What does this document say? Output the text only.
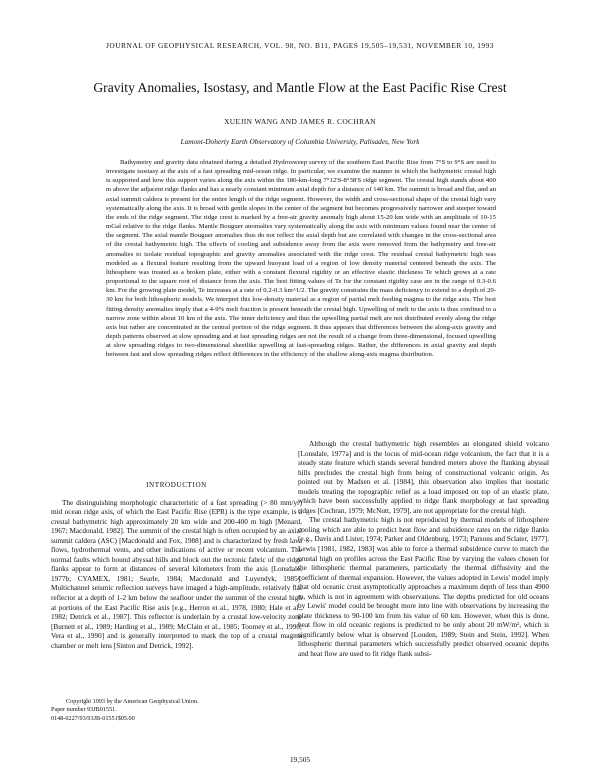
JOURNAL OF GEOPHYSICAL RESEARCH, VOL. 98, NO. B11, PAGES 19,505–19,531, NOVEMBER 10, 1993
Gravity Anomalies, Isostasy, and Mantle Flow at the East Pacific Rise Crest
XUEJIN WANG AND JAMES R. COCHRAN
Lamont-Doherty Earth Observatory of Columbia University, Palisades, New York

Bathymetry and gravity data obtained during a detailed Hydrosweep survey of the southern East Pacific Rise from 7°S to 9°S are used to investigate isostasy at the axis of a fast spreading mid-ocean ridge. In particular, we examine the manner in which the bathymetric crestal high is supported and how this support varies along the axis within the 180-km-long 7°12'S-8°38'S ridge segment. The crestal high stands about 400 m above the adjacent ridge flanks and has a nearly constant minimum axial depth for a distance of 140 km. The summit is broad and flat, and an axial summit caldera is present for the entire length of the ridge segment. However, the width and cross-sectional shape of the crestal high vary systematically along the axis. It is broad with gentle slopes in the center of the segment but becomes progressively narrower and steeper toward the ends of the ridge segment. The ridge crest is marked by a free-air gravity anomaly high about 15-20 km wide with an amplitude of 10-15 mGal relative to the ridge flanks. Mantle Bouguer anomalies vary systematically along the axis with minimum values found near the center of the segment. The axial mantle Bouguer anomalies thus do not reflect the axial depth but are correlated with changes in the cross-sectional area of the crestal bathymetric high. The effects of cooling and subsidence away from the axis were removed from the bathymetry and free-air anomalies to isolate residual topographic and gravity anomalies associated with the ridge crest. The residual crestal bathymetric high was modeled as a flexural feature resulting from the upward buoyant load of a region of low density material centered beneath the axis. The lithosphere was treated as a broken plate, either with a constant flexural rigidity or an effective elastic thickness Te which grows at a rate proportional to the square root of distance from the axis. The best fitting values of Te for the constant rigidity case are in the range of 0.3-0.6 km. For the growing plate model, Te increases at a rate of 0.2-0.3 km^1/2. The gravity constrains the mass deficiency to extend to a depth of 20-30 km for both lithospheric models. We interpret this low-density material as a region of partial melt feeding magma to the ridge axis. The best fitting density anomalies imply that a 4-9% melt fraction is present beneath the crestal high. Upwelling of melt to the axis is thus confined to a narrow zone within about 10 km of the axis. The inner deficiency and thus the upwelling partial melt are not distributed evenly along the ridge axis but rather are concentrated in the central portion of the ridge segment. It thus appears that differences between the along-axis gravity and depth patterns observed at slow spreading and at fast spreading ridges are not the result of a change from three-dimensional, focused upwelling at slow spreading ridges to two-dimensional sheetlike upwelling at fast-spreading ridges. Rather, the differences in axial gravity and depth between fast and slow spreading ridges reflect differences in the efficiency of the shallow along-axis magma distribution.

INTRODUCTION

The distinguishing morphologic characteristic of a fast spreading (> 80 mm/yr) mid ocean ridge axis, of which the East Pacific Rise (EPR) is the type example, is a crestal bathymetric high approximately 20 km wide and 200-400 m high [Menard, 1967; Macdonald, 1982]. The summit of the crestal high is often occupied by an axial summit caldera (ASC) [Macdonald and Fox, 1988] and is characterized by fresh lava flows, hydrothermal vents, and other indications of active or recent volcanism. The normal faults which bound abyssal hills and block out the tectonic fabric of the ridge flanks appear to form at distances of several kilometers from the axis [Lonsdale, 1977b; CYAMEX, 1981; Searle, 1984; Macdonald and Luyendyk, 1985]. Multichannel seismic reflection surveys have imaged a high-amplitude, relatively flat reflector at a depth of 1-2 km below the seafloor under the summit of the crestal high at portions of the East Pacific Rise axis [e.g., Herron et al., 1978, 1980; Hale et al., 1982; Detrick et al., 1987]. This reflector is underlain by a crustal low-velocity zone [Burnett et al., 1989; Harding et al., 1989; McClain et al., 1985; Toomey et al., 1990; Vera et al., 1990] and is generally interpreted to mark the top of a crustal magma chamber or melt lens [Sinton and Detrick, 1992].

Although the crestal bathymetric high resembles an elongated shield volcano [Lonsdale, 1977a] and is the locus of mid-ocean ridge volcanism, the fact that it is a steady state feature which stands several hundred meters above the flanking abyssal hills precludes the crestal high from being of constructional volcanic origin. As pointed out by Madsen et al. [1984], this observation also implies that isostatic models treating the topographic relief as a load imposed on top of an elastic plate, which have been successfully applied to ridge flank morphology at fast spreading ridges [Cochran, 1979; McNutt, 1979], are not appropriate for the crestal high.

The crestal bathymetric high is not reproduced by thermal models of lithosphere cooling which are able to predict heat flow and subsidence rates on the ridge flanks [e.g., Davis and Lister, 1974; Parker and Oldenburg, 1973; Parsons and Sclater, 1977]. Lewis [1981, 1982, 1983] was able to force a thermal subsidence curve to match the crustal high on profiles across the East Pacific Rise by varying the values chosen for the lithospheric thermal parameters, particularly the thermal diffusivity and the coefficient of thermal expansion. However, the values adopted in Lewis' model imply that old oceanic crust asymptotically approaches a maximum depth of less than 4900 m, which is not in agreement with observations. The depths predicted for old oceans by Lewis' model could be brought more into line with observations by increasing the plate thickness to 90-100 km from his value of 60 km. However, when this is done, heat flow in old oceanic regions is predicted to be only about 20 mW/m², which is significantly below what is observed [Louden, 1989; Stein and Stein, 1992]. When lithospheric thermal parameters which successfully predict observed oceanic depths and heat flow are used to fit ridge flank subsi-

Copyright 1993 by the American Geophysical Union.
Paper number 93JB01551.
0148-0227/93/93JB-01551$05.00
19,505
